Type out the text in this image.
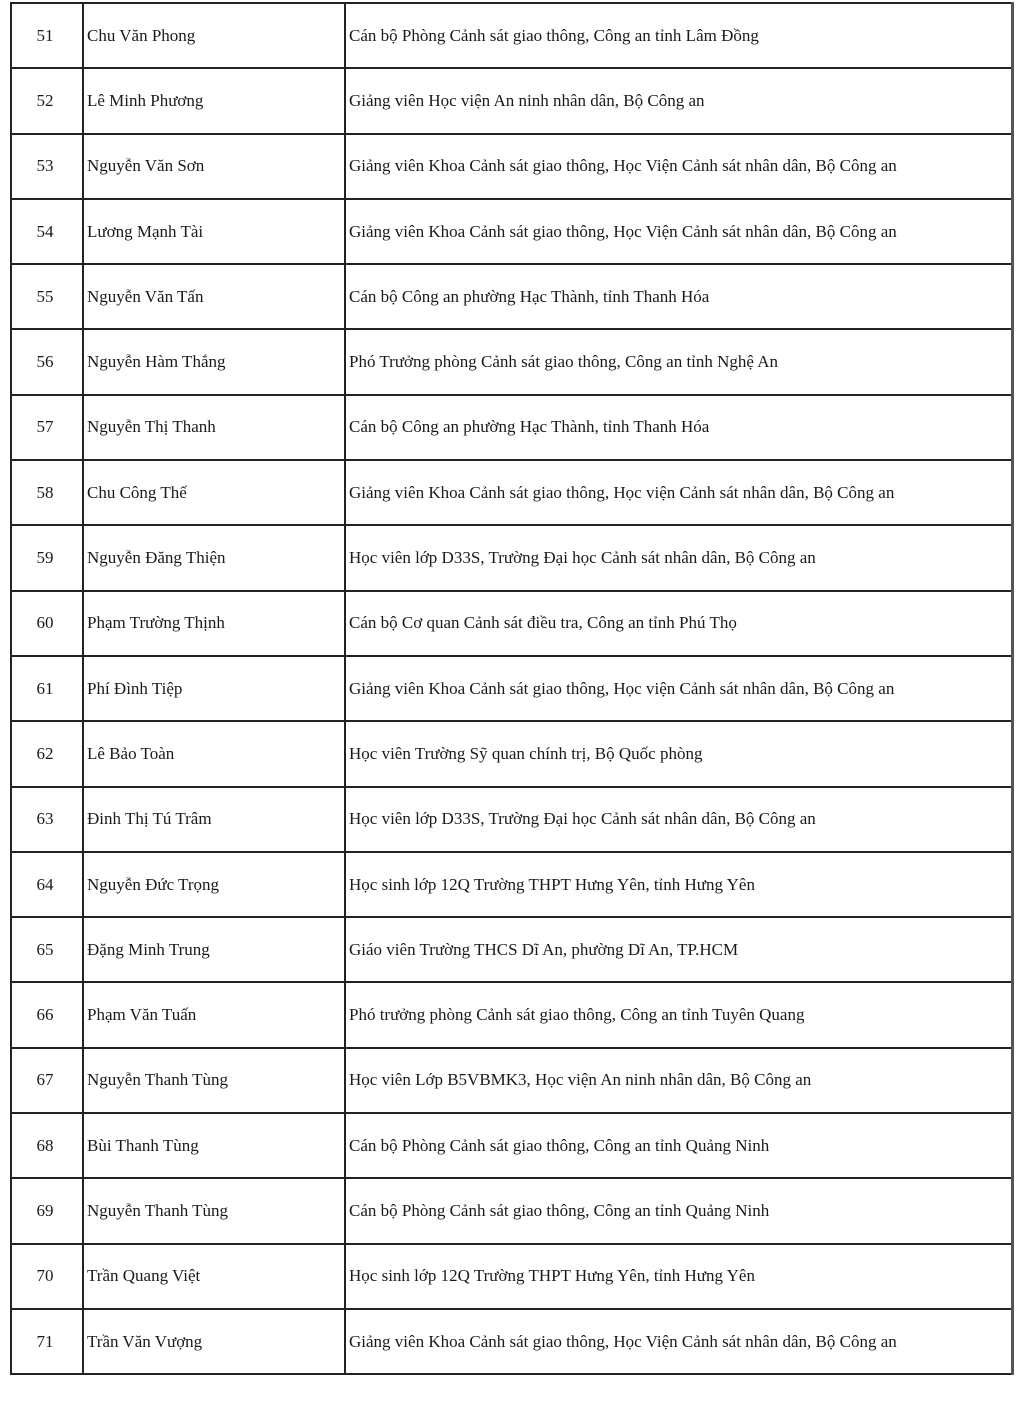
51	Chu Văn Phong	Cán bộ Phòng Cảnh sát giao thông, Công an tỉnh Lâm Đồng
52	Lê Minh Phương	Giảng viên Học viện An ninh nhân dân, Bộ Công an
53	Nguyễn Văn Sơn	Giảng viên Khoa Cảnh sát giao thông, Học Viện Cảnh sát nhân dân, Bộ Công an
54	Lương Mạnh Tài	Giảng viên Khoa Cảnh sát giao thông, Học Viện Cảnh sát nhân dân, Bộ Công an
55	Nguyễn Văn Tấn	Cán bộ Công an phường Hạc Thành, tỉnh Thanh Hóa
56	Nguyễn Hàm Thắng	Phó Trưởng phòng Cảnh sát giao thông, Công an tỉnh Nghệ An
57	Nguyễn Thị Thanh	Cán bộ Công an phường Hạc Thành, tỉnh Thanh Hóa
58	Chu Công Thế	Giảng viên Khoa Cảnh sát giao thông, Học viện Cảnh sát nhân dân, Bộ Công an
59	Nguyễn Đăng Thiện	Học viên lớp D33S, Trường Đại học Cảnh sát nhân dân, Bộ Công an
60	Phạm Trường Thịnh	Cán bộ Cơ quan Cảnh sát điều tra, Công an tỉnh Phú Thọ
61	Phí Đình Tiệp	Giảng viên Khoa Cảnh sát giao thông, Học viện Cảnh sát nhân dân, Bộ Công an
62	Lê Bảo Toàn	Học viên Trường Sỹ quan chính trị, Bộ Quốc phòng
63	Đinh Thị Tú Trâm	Học viên lớp D33S, Trường Đại học Cảnh sát nhân dân, Bộ Công an
64	Nguyễn Đức Trọng	Học sinh lớp 12Q Trường THPT Hưng Yên, tỉnh Hưng Yên
65	Đặng Minh Trung	Giáo viên Trường THCS Dĩ An, phường Dĩ An, TP.HCM
66	Phạm Văn Tuấn	Phó trưởng phòng Cảnh sát giao thông, Công an tỉnh Tuyên Quang
67	Nguyễn Thanh Tùng	Học viên Lớp B5VBMK3, Học viện An ninh nhân dân, Bộ Công an
68	Bùi Thanh Tùng	Cán bộ Phòng Cảnh sát giao thông, Công an tỉnh Quảng Ninh
69	Nguyễn Thanh Tùng	Cán bộ Phòng Cảnh sát giao thông, Công an tỉnh Quảng Ninh
70	Trần Quang Việt	Học sinh lớp 12Q Trường THPT Hưng Yên, tỉnh Hưng Yên
71	Trần Văn Vượng	Giảng viên Khoa Cảnh sát giao thông, Học Viện Cảnh sát nhân dân, Bộ Công an
